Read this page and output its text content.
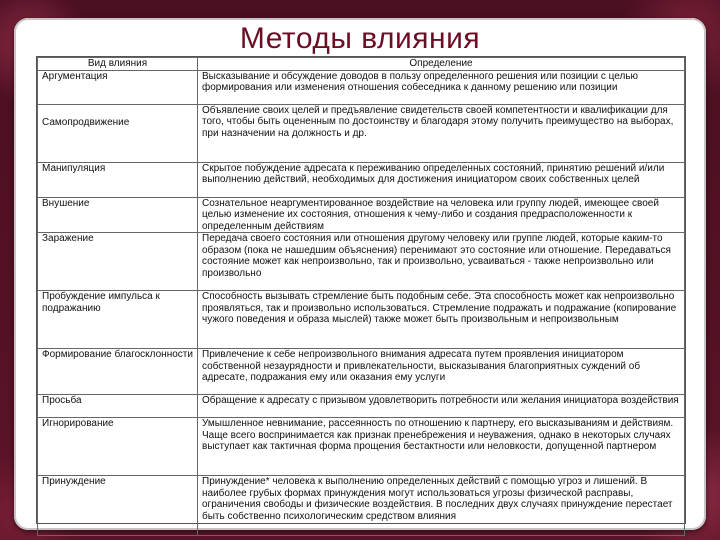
Методы влияния
Вид влияния	Определение
Аргументация	Высказывание и обсуждение доводов в пользу определенного решения или позиции с целью формирования или изменения отношения собеседника к данному решению или позиции
Самопродвижение	Объявление своих целей и предъявление свидетельств своей компетентности и квалификации для того, чтобы быть оцененным по достоинству и благодаря этому получить преимущество на выборах, при назначении на должность и др.
Манипуляция	Скрытое побуждение адресата к переживанию определенных состояний, принятию решений и/или выполнению действий, необходимых для достижения инициатором своих собственных целей
Внушение	Сознательное неаргументированное воздействие на человека или группу людей, имеющее своей целью изменение их состояния, отношения к чему-либо и создания предрасположенности к определенным действиям
Заражение	Передача своего состояния или отношения другому человеку или группе людей, которые каким-то образом (пока не нашедшим объяснения) перенимают это состояние или отношение. Передаваться состояние может как непроизвольно, так и произвольно, усваиваться - также непроизвольно или произвольно
Пробуждение импульса к подражанию	Способность вызывать стремление быть подобным себе. Эта способность может как непроизвольно проявляться, так и произвольно использоваться. Стремление подражать и подражание (копирование чужого поведения и образа мыслей) также может быть произвольным и непроизвольным
Формирование благосклонности	Привлечение к себе непроизвольного внимания адресата путем проявления инициатором собственной незаурядности и привлекательности, высказывания благоприятных суждений об адресате, подражания ему или оказания ему услуги
Просьба	Обращение к адресату с призывом удовлетворить потребности или желания инициатора воздействия
Игнорирование	Умышленное невнимание, рассеянность по отношению к партнеру, его высказываниям и действиям. Чаще всего воспринимается как признак пренебрежения и неуважения, однако в некоторых случаях выступает как тактичная форма прощения бестактности или неловкости, допущенной партнером
Принуждение	Принуждение* человека к выполнению определенных действий с помощью угроз и лишений. В наиболее грубых формах принуждения могут использоваться угрозы физической расправы, ограничения свободы и физические воздействия. В последних двух случаях принуждение перестает быть собственно психологическим средством влияния
